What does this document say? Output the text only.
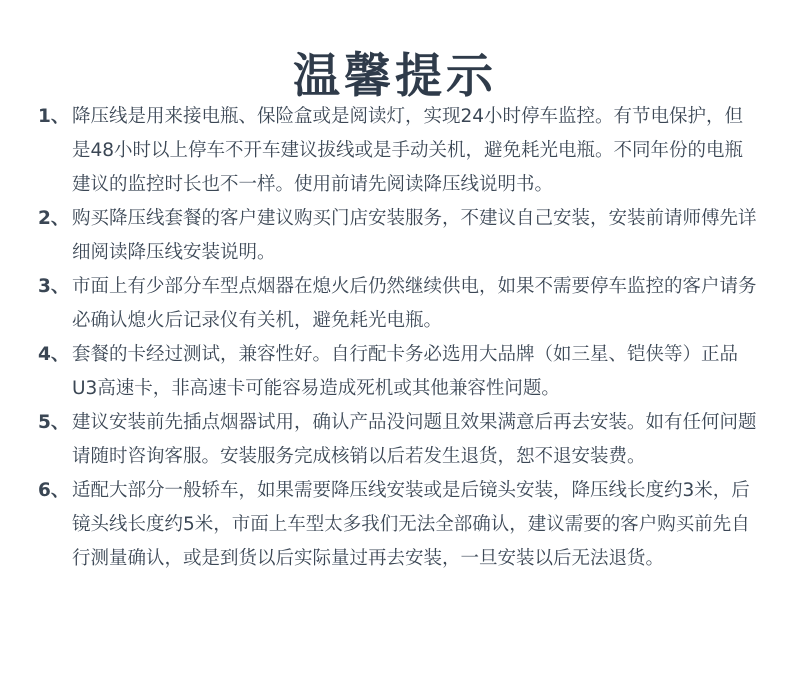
温馨提示
1、 降压线是用来接电瓶、保险盒或是阅读灯，实现24小时停车监控。有节电保护，但是48小时以上停车不开车建议拔线或是手动关机，避免耗光电瓶。不同年份的电瓶建议的监控时长也不一样。使用前请先阅读降压线说明书。
2、 购买降压线套餐的客户建议购买门店安装服务，不建议自己安装，安装前请师傅先详细阅读降压线安装说明。
3、 市面上有少部分车型点烟器在熄火后仍然继续供电，如果不需要停车监控的客户请务必确认熄火后记录仪有关机，避免耗光电瓶。
4、 套餐的卡经过测试，兼容性好。自行配卡务必选用大品牌（如三星、铠侠等）正品U3高速卡，非高速卡可能容易造成死机或其他兼容性问题。
5、 建议安装前先插点烟器试用，确认产品没问题且效果满意后再去安装。如有任何问题请随时咨询客服。安装服务完成核销以后若发生退货，恕不退安装费。
6、 适配大部分一般轿车，如果需要降压线安装或是后镜头安装，降压线长度约3米，后镜头线长度约5米，市面上车型太多我们无法全部确认，建议需要的客户购买前先自行测量确认，或是到货以后实际量过再去安装，一旦安装以后无法退货。
